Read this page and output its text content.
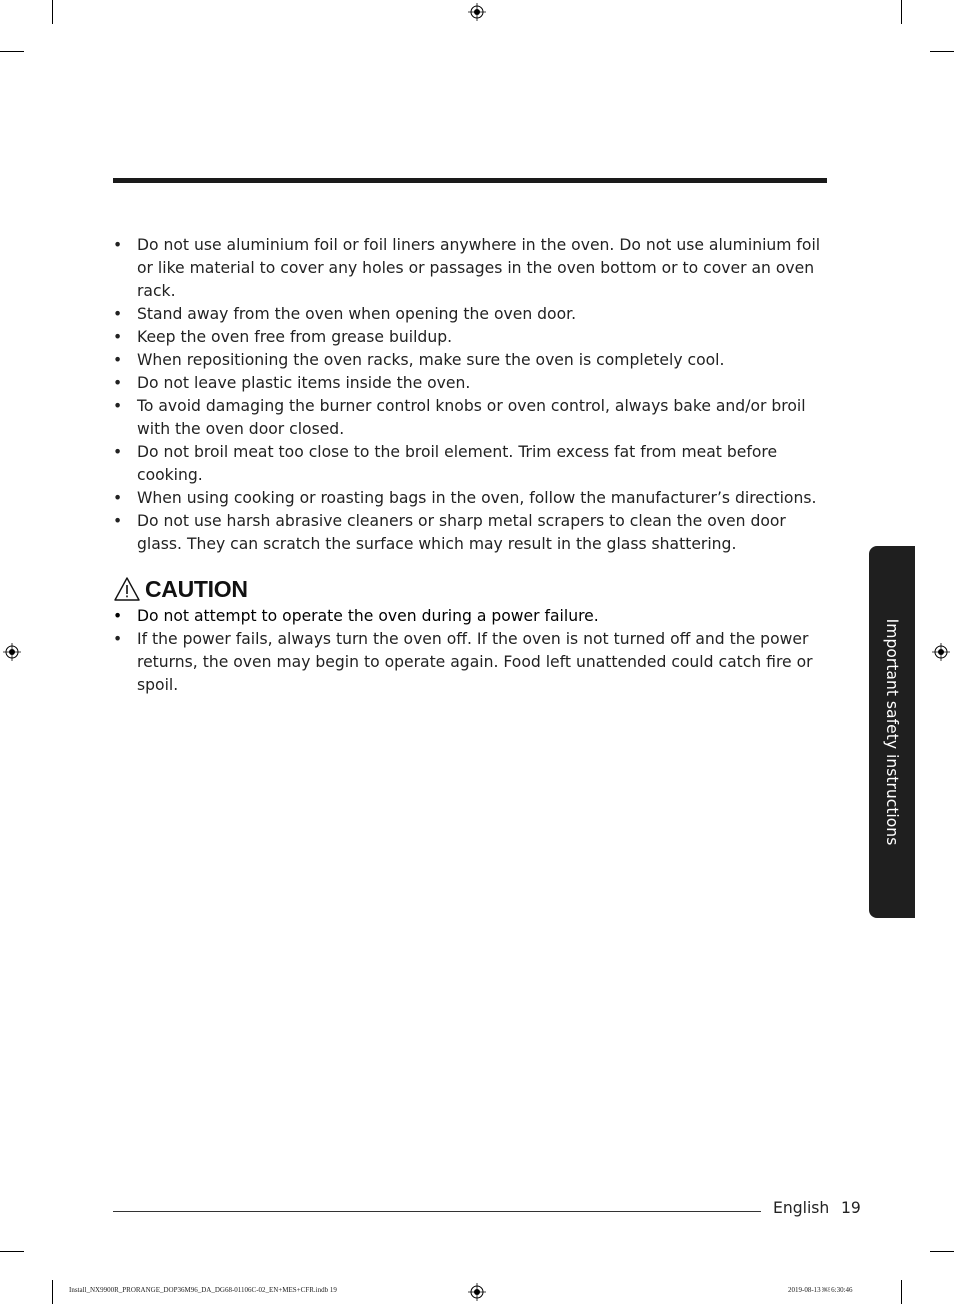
• Do not use aluminium foil or foil liners anywhere in the oven. Do not use aluminium foil or like material to cover any holes or passages in the oven bottom or to cover an oven rack.
• Stand away from the oven when opening the oven door.
• Keep the oven free from grease buildup.
• When repositioning the oven racks, make sure the oven is completely cool.
• Do not leave plastic items inside the oven.
• To avoid damaging the burner control knobs or oven control, always bake and/or broil with the oven door closed.
• Do not broil meat too close to the broil element. Trim excess fat from meat before cooking.
• When using cooking or roasting bags in the oven, follow the manufacturer’s directions.
• Do not use harsh abrasive cleaners or sharp metal scrapers to clean the oven door glass. They can scratch the surface which may result in the glass shattering.
CAUTION
• Do not attempt to operate the oven during a power failure.
• If the power fails, always turn the oven off. If the oven is not turned off and the power returns, the oven may begin to operate again. Food left unattended could catch fire or spoil.	Important safety instructions
English 19
Install_NX9900R_PRORANGE_DOP36M96_DA_DG68-01106C-02_EN+MES+CFR.indb 19	2019-08-13 ￼ 6:30:46
